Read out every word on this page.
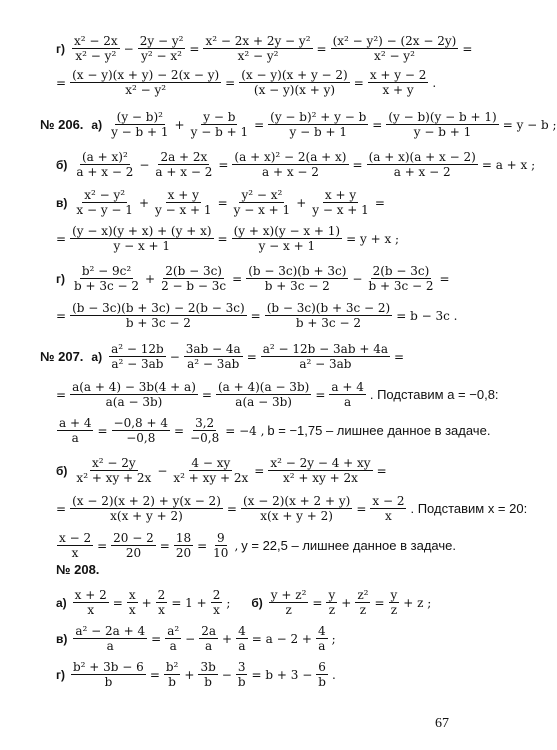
$г) \frac{\text{x² − 2x}}{\text{x² − y²}} - \frac{\text{2y − y²}}{\text{y² − x²}} = \frac{\text{x² − 2x + 2y − y²}}{\text{x² − y²}} = \frac{\text{(x² − y²) − (2x − 2y)}}{\text{x² − y²}}$ =
= $\frac{(x - y)(x + y) - 2(x - y)}{\text{x² − y²}} = \frac{(x - y)(x + y - 2)}{(x - y)(x + y)} = \frac{x + y - 2}{x + y}$ .
№ 206. $а) \frac{\text{(y − b)²}}{y - b + 1} + \frac{y - b}{y - b + 1} = \frac{\text{(y − b)² + y − b}}{y - b + 1} = \frac{(y - b)(y - b + 1)}{y - b + 1} = y - b$ ;
$б) \frac{\text{(a + x)²}}{a + x - 2} - \frac{2a + 2x}{a + x - 2} = \frac{\text{(a + x)² − 2(a + x)}}{a + x - 2} = \frac{(a + x)(a + x - 2)}{a + x - 2} = a + x$ ;
$в) \frac{\text{x² − y²}}{x - y - 1} + \frac{x + y}{y - x + 1} = \frac{\text{y² − x²}}{y - x + 1} + \frac{x + y}{y - x + 1}$ =
= $\frac{(y - x)(y + x) + (y + x)}{y - x + 1} = \frac{(y + x)(y - x + 1)}{y - x + 1} = y + x$ ;
$г) \frac{\text{b² − 9c²}}{b + 3c - 2} + \frac{2(b - 3c)}{2 - b - 3c} = \frac{(b - 3c)(b + 3c)}{b + 3c - 2} - \frac{2(b - 3c)}{b + 3c - 2}$ =
= $\frac{(b - 3c)(b + 3c) - 2(b - 3c)}{b + 3c - 2} = \frac{(b - 3c)(b + 3c - 2)}{b + 3c - 2} = b - 3c$ .
№ 207. $а) \frac{\text{a² − 12b}}{\text{a² − 3ab}} - \frac{3ab - 4a}{\text{a² − 3ab}} = \frac{\text{a² − 12b − 3ab + 4a}}{\text{a² − 3ab}}$ =
= $\frac{a(a + 4) - 3b(4 + a)}{a(a - 3b)} = \frac{(a + 4)(a - 3b)}{a(a - 3b)} = \frac{a + 4}{a}$ . Подставим a = −0,8:
$\frac{a + 4}{a} = \frac{-0,8 + 4}{-0,8} = \frac{3,2}{-0,8} = -4$ , b = −1,75 – лишнее данное в задаче.
$б) \frac{\text{x² − 2y}}{\text{x² + xy + 2x}} - \frac{4 - xy}{\text{x² + xy + 2x}} = \frac{\text{x² − 2y − 4 + xy}}{\text{x² + xy + 2x}}$ =
= $\frac{(x - 2)(x + 2) + y(x - 2)}{x(x + y + 2)} = \frac{(x - 2)(x + 2 + y)}{x(x + y + 2)} = \frac{x - 2}{x}$ . Подставим x = 20:
$\frac{x - 2}{x} = \frac{20 - 2}{20} = \frac{18}{20} = \frac{9}{10}$ , y = 22,5 – лишнее данное в задаче.
№ 208.
$а) \frac{x + 2}{x} = \frac{x}{x} + \frac{2}{x} = 1 + \frac{2}{x}$ ; $б) \frac{\text{y + z²}}{z} = \frac{y}{z} + \frac{\text{z²}}{z} = \frac{y}{z} + z$ ;
$в) \frac{\text{a² − 2a + 4}}{a} = \frac{\text{a²}}{a} - \frac{2a}{a} + \frac{4}{a} = a - 2 + \frac{4}{a}$ ;
$г) \frac{\text{b² + 3b − 6}}{b} = \frac{\text{b²}}{b} + \frac{3b}{b} - \frac{3}{b} = b + 3 - \frac{6}{b}$ .
67
